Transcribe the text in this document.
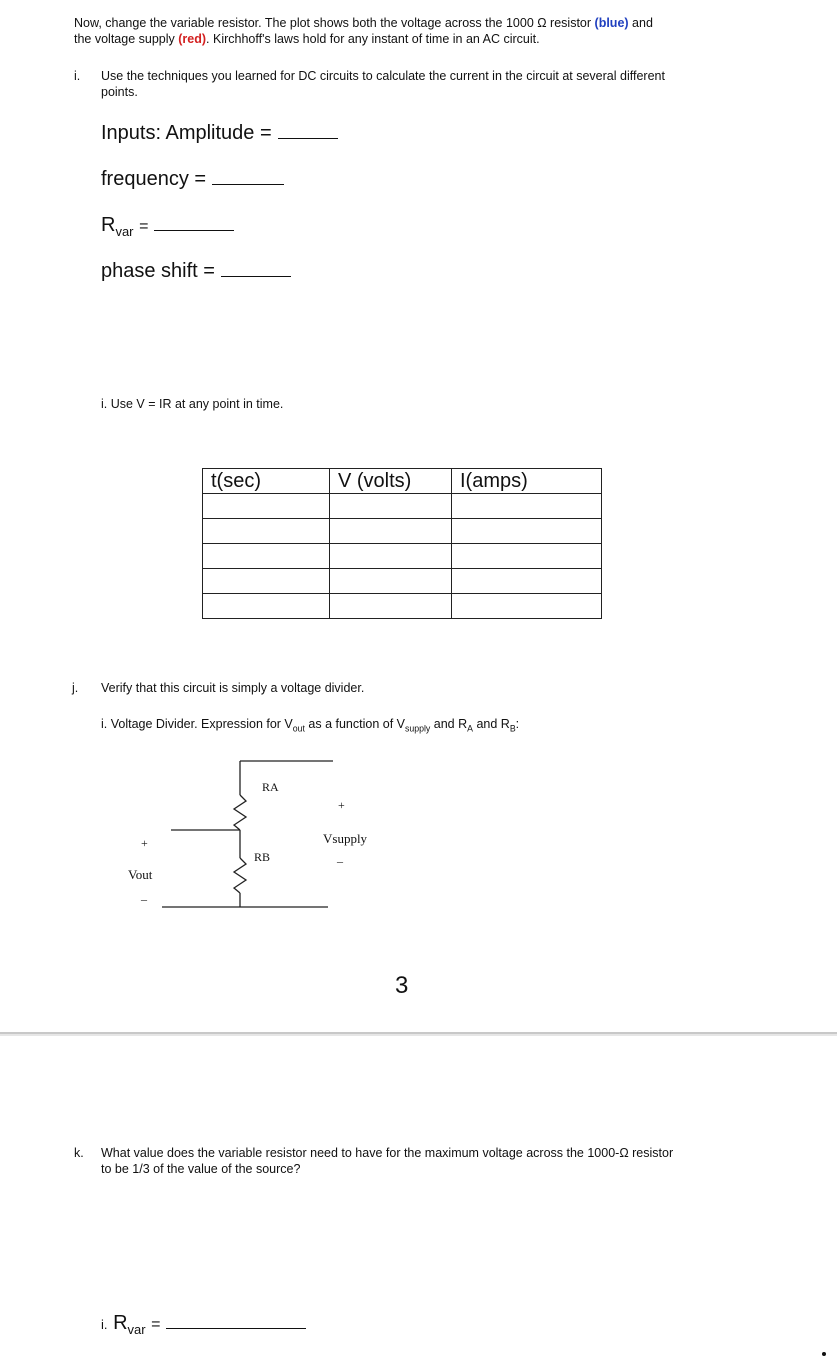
Now, change the variable resistor. The plot shows both the voltage across the 1000 Ω resistor (blue) and
the voltage supply (red). Kirchhoff's laws hold for any instant of time in an AC circuit.
i. Use the techniques you learned for DC circuits to calculate the current in the circuit at several different
points.
Inputs: Amplitude =
frequency =
$R_{var}$ =
phase shift =
i. Use V = IR at any point in time.
t(sec)	V (volts)	I(amps)

j. Verify that this circuit is simply a voltage divider.
i. Voltage Divider. Expression for $V_{out}$ as a function of $V_{supply}$ and $R_A$ and $R_B$:
RA
RB
+
Vsupply
_
+
Vout
_
3
k. What value does the variable resistor need to have for the maximum voltage across the 1000-Ω resistor
to be 1/3 of the value of the source?
i. $R_{var}$ =
